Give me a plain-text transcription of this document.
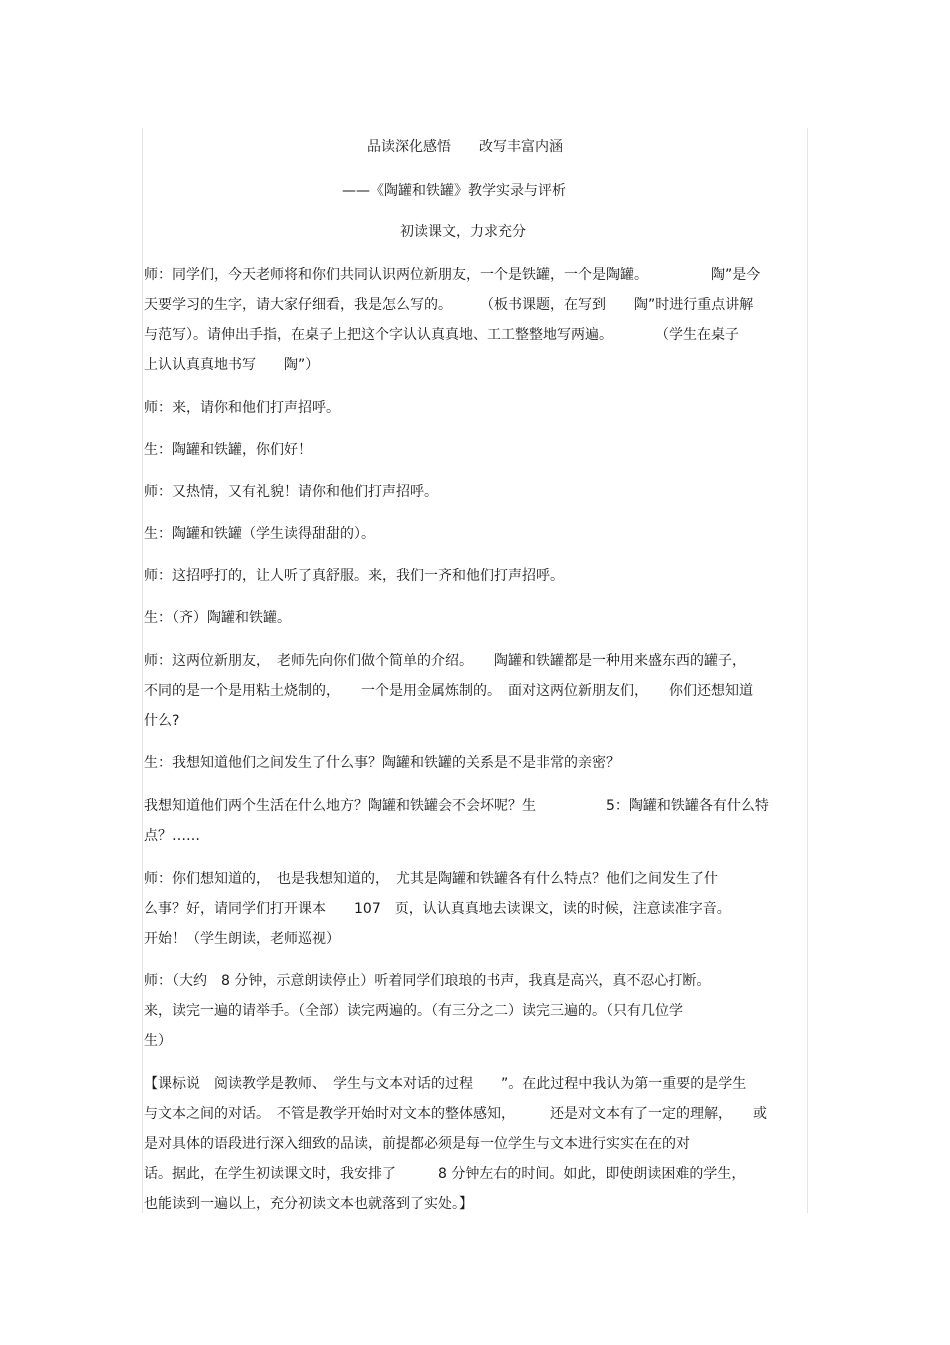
品读深化感悟　　改写丰富内涵
——《陶罐和铁罐》教学实录与评析
初读课文，力求充分
师：同学们，今天老师将和你们共同认识两位新朋友，一个是铁罐，一个是陶罐。　　　　　陶”是今
天要学习的生字，请大家仔细看，我是怎么写的。　　　（板书课题，在写到　　陶”时进行重点讲解
与范写）。请伸出手指，在桌子上把这个字认认真真地、工工整整地写两遍。　　　　（学生在桌子
上认认真真地书写　　陶”）
师：来，请你和他们打声招呼。
生：陶罐和铁罐，你们好！
师：又热情，又有礼貌！请你和他们打声招呼。
生：陶罐和铁罐（学生读得甜甜的）。
师：这招呼打的，让人听了真舒服。来，我们一齐和他们打声招呼。
生：（齐）陶罐和铁罐。
师：这两位新朋友，　老师先向你们做个简单的介绍。　　陶罐和铁罐都是一种用来盛东西的罐子，
不同的是一个是用粘土烧制的，　　一个是用金属炼制的。　面对这两位新朋友们，　　你们还想知道
什么?
生：我想知道他们之间发生了什么事？陶罐和铁罐的关系是不是非常的亲密？
我想知道他们两个生活在什么地方？陶罐和铁罐会不会坏呢？生　　　　　5：陶罐和铁罐各有什么特
点？……
师：你们想知道的，　也是我想知道的，　尤其是陶罐和铁罐各有什么特点？他们之间发生了什
么事？好，请同学们打开课本　　107　页，认认真真地去读课文，读的时候，注意读准字音。
开始！（学生朗读，老师巡视）
师：（大约　8 分钟，示意朗读停止）听着同学们琅琅的书声，我真是高兴，真不忍心打断。
来，读完一遍的请举手。（全部）读完两遍的。（有三分之二）读完三遍的。（只有几位学
生）
【课标说　阅读教学是教师、　学生与文本对话的过程　　”。在此过程中我认为第一重要的是学生
与文本之间的对话。　不管是教学开始时对文本的整体感知，　　　还是对文本有了一定的理解，　　或
是对具体的语段进行深入细致的品读，前提都必须是每一位学生与文本进行实实在在的对
话。据此，在学生初读课文时，我安排了　　　8 分钟左右的时间。如此，即使朗读困难的学生，
也能读到一遍以上，充分初读文本也就落到了实处。】
